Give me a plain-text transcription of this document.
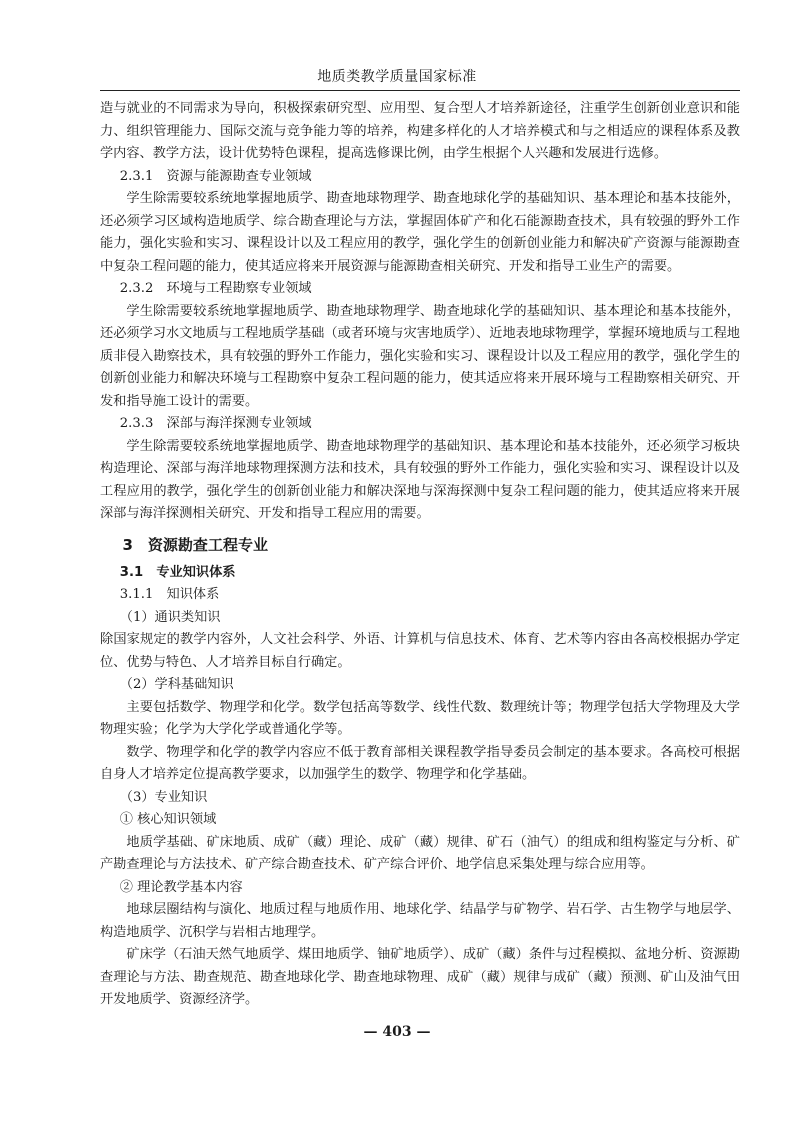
地质类教学质量国家标准
造与就业的不同需求为导向，积极探索研究型、应用型、复合型人才培养新途径，注重学生创新创业意识和能力、组织管理能力、国际交流与竞争能力等的培养，构建多样化的人才培养模式和与之相适应的课程体系及教学内容、教学方法，设计优势特色课程，提高选修课比例，由学生根据个人兴趣和发展进行选修。
2.3.1　资源与能源勘查专业领域
学生除需要较系统地掌握地质学、勘查地球物理学、勘查地球化学的基础知识、基本理论和基本技能外，还必须学习区域构造地质学、综合勘查理论与方法，掌握固体矿产和化石能源勘查技术，具有较强的野外工作能力，强化实验和实习、课程设计以及工程应用的教学，强化学生的创新创业能力和解决矿产资源与能源勘查中复杂工程问题的能力，使其适应将来开展资源与能源勘查相关研究、开发和指导工业生产的需要。
2.3.2　环境与工程勘察专业领域
学生除需要较系统地掌握地质学、勘查地球物理学、勘查地球化学的基础知识、基本理论和基本技能外，还必须学习水文地质与工程地质学基础（或者环境与灾害地质学）、近地表地球物理学，掌握环境地质与工程地质非侵入勘察技术，具有较强的野外工作能力，强化实验和实习、课程设计以及工程应用的教学，强化学生的创新创业能力和解决环境与工程勘察中复杂工程问题的能力，使其适应将来开展环境与工程勘察相关研究、开发和指导施工设计的需要。
2.3.3　深部与海洋探测专业领域
学生除需要较系统地掌握地质学、勘查地球物理学的基础知识、基本理论和基本技能外，还必须学习板块构造理论、深部与海洋地球物理探测方法和技术，具有较强的野外工作能力，强化实验和实习、课程设计以及工程应用的教学，强化学生的创新创业能力和解决深地与深海探测中复杂工程问题的能力，使其适应将来开展深部与海洋探测相关研究、开发和指导工程应用的需要。
3　资源勘查工程专业
3.1　专业知识体系
3.1.1　知识体系
（1）通识类知识
除国家规定的教学内容外，人文社会科学、外语、计算机与信息技术、体育、艺术等内容由各高校根据办学定位、优势与特色、人才培养目标自行确定。
（2）学科基础知识
主要包括数学、物理学和化学。数学包括高等数学、线性代数、数理统计等；物理学包括大学物理及大学物理实验；化学为大学化学或普通化学等。
数学、物理学和化学的教学内容应不低于教育部相关课程教学指导委员会制定的基本要求。各高校可根据自身人才培养定位提高教学要求，以加强学生的数学、物理学和化学基础。
（3）专业知识
① 核心知识领域
地质学基础、矿床地质、成矿（藏）理论、成矿（藏）规律、矿石（油气）的组成和组构鉴定与分析、矿产勘查理论与方法技术、矿产综合勘查技术、矿产综合评价、地学信息采集处理与综合应用等。
② 理论教学基本内容
地球层圈结构与演化、地质过程与地质作用、地球化学、结晶学与矿物学、岩石学、古生物学与地层学、构造地质学、沉积学与岩相古地理学。
矿床学（石油天然气地质学、煤田地质学、铀矿地质学）、成矿（藏）条件与过程模拟、盆地分析、资源勘查理论与方法、勘查规范、勘查地球化学、勘查地球物理、成矿（藏）规律与成矿（藏）预测、矿山及油气田开发地质学、资源经济学。
— 403 —
